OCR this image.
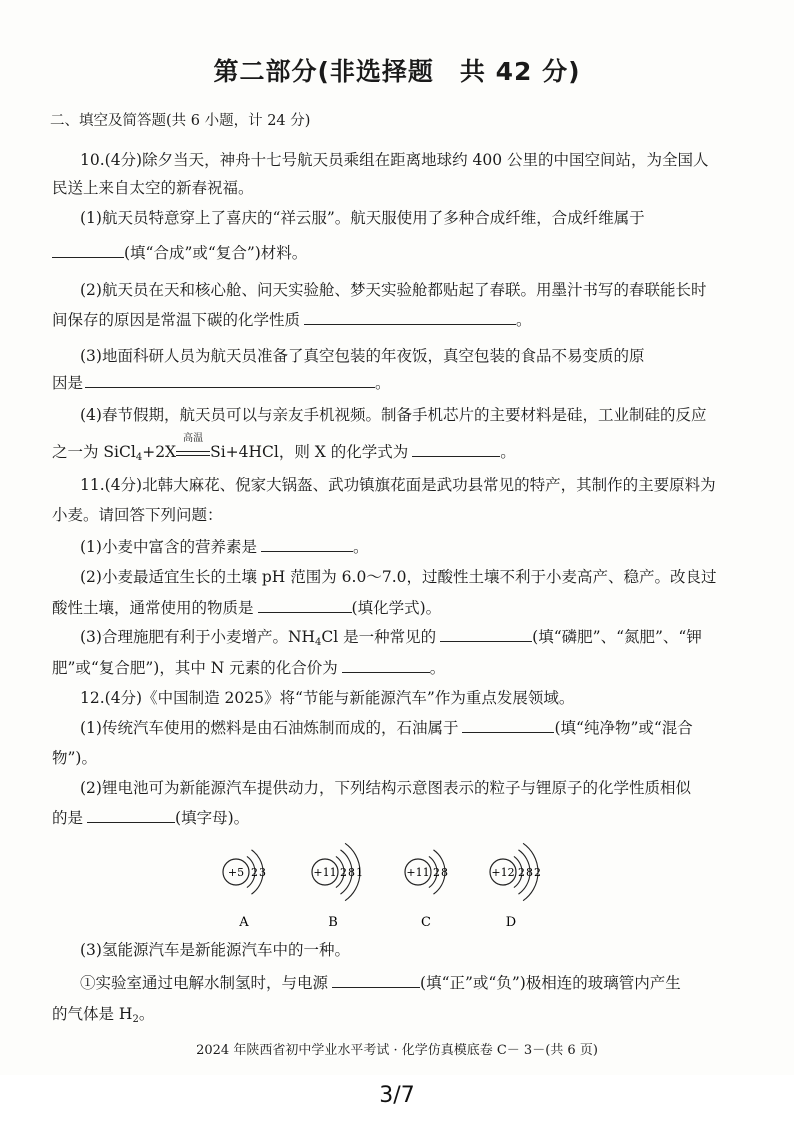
第二部分(非选择题　共 42 分)
二、填空及简答题(共 6 小题，计 24 分)
10.(4分)除夕当天，神舟十七号航天员乘组在距离地球约 400 公里的中国空间站，为全国人
民送上来自太空的新春祝福。
(1)航天员特意穿上了喜庆的“祥云服”。航天服使用了多种合成纤维，合成纤维属于
(填“合成”或“复合”)材料。
(2)航天员在天和核心舱、问天实验舱、梦天实验舱都贴起了春联。用墨汁书写的春联能长时
间保存的原因是常温下碳的化学性质	。
(3)地面科研人员为航天员准备了真空包装的年夜饭，真空包装的食品不易变质的原
因是	。
(4)春节假期，航天员可以与亲友手机视频。制备手机芯片的主要材料是硅，工业制硅的反应
之一为 SiCl$_4$+2X
高温
Si+4HCl，则 X 的化学式为	。
11.(4分)北韩大麻花、倪家大锅盔、武功镇旗花面是武功县常见的特产，其制作的主要原料为
小麦。请回答下列问题：
(1)小麦中富含的营养素是	。
(2)小麦最适宜生长的土壤 pH 范围为 6.0～7.0，过酸性土壤不利于小麦高产、稳产。改良过
酸性土壤，通常使用的物质是	(填化学式)。
(3)合理施肥有利于小麦增产。$NH_4Cl$ 是一种常见的	(填“磷肥”、“氮肥”、“钾
肥”或“复合肥”)，其中 N 元素的化合价为	。
12.(4分)《中国制造 2025》将“节能与新能源汽车”作为重点发展领域。
(1)传统汽车使用的燃料是由石油炼制而成的，石油属于	(填“纯净物”或“混合
物”)。
(2)锂电池可为新能源汽车提供动力，下列结构示意图表示的粒子与锂原子的化学性质相似
的是	(填字母)。
+5 2 3
A
+11 2 8 1
B
+11 2 8
C
+12 2 8 2
D
(3)氢能源汽车是新能源汽车中的一种。
①实验室通过电解水制氢时，与电源	(填“正”或“负”)极相连的玻璃管内产生
的气体是 $H_2$。
2024 年陕西省初中学业水平考试 · 化学仿真模底卷 C－ 3－(共 6 页)
3/7
